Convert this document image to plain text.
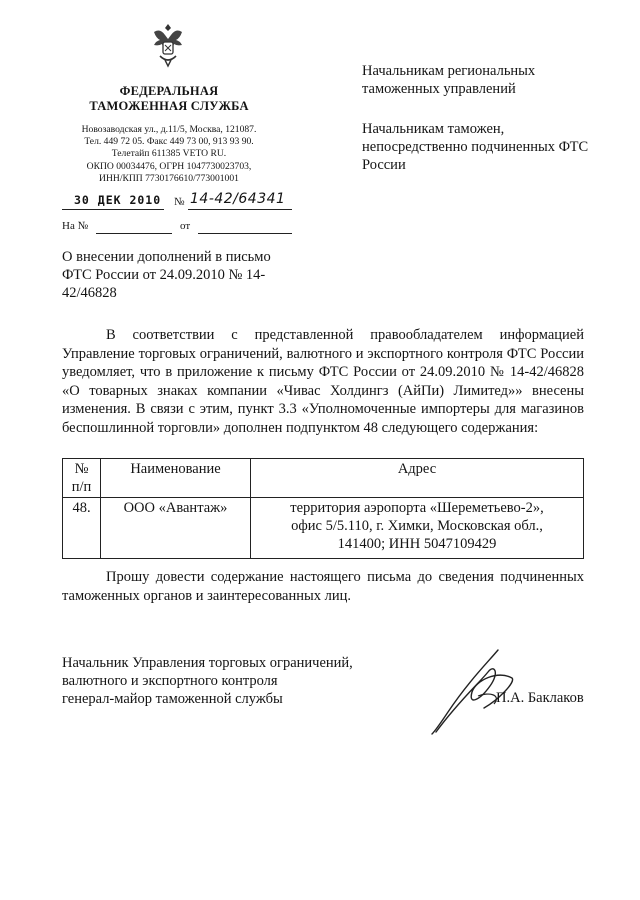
ФЕДЕРАЛЬНАЯ
ТАМОЖЕННАЯ СЛУЖБА
Новозаводская ул., д.11/5, Москва, 121087.
Тел. 449 72 05. Факс 449 73 00, 913 93 90.
Телетайп 611385 VETO RU.
ОКПО 00034476, ОГРН 1047730023703,
ИНН/КПП 7730176610/773001001
30 ДЕК 2010 № 14-42/64341
На №	от
О внесении дополнений в письмо ФТС России от 24.09.2010 № 14-42/46828

Начальникам региональных таможенных управлений

Начальникам таможен, непосредственно подчиненных ФТС России

В соответствии с представленной правообладателем информацией Управление торговых ограничений, валютного и экспортного контроля ФТС России уведомляет, что в приложение к письму ФТС России от 24.09.2010 № 14-42/46828 «О товарных знаках компании «Чивас Холдингз (АйПи) Лимитед»» внесены изменения. В связи с этим, пункт 3.3 «Уполномоченные импортеры для магазинов беспошлинной торговли» дополнен подпунктом 48 следующего содержания:

№ п/п	Наименование	Адрес
48.	ООО «Авантаж»	территория аэропорта «Шереметьево-2», офис 5/5.110, г. Химки, Московская обл., 141400; ИНН 5047109429

Прошу довести содержание настоящего письма до сведения подчиненных таможенных органов и заинтересованных лиц.

Начальник Управления торговых ограничений,
валютного и экспортного контроля
генерал-майор таможенной службы	П.А. Баклаков
